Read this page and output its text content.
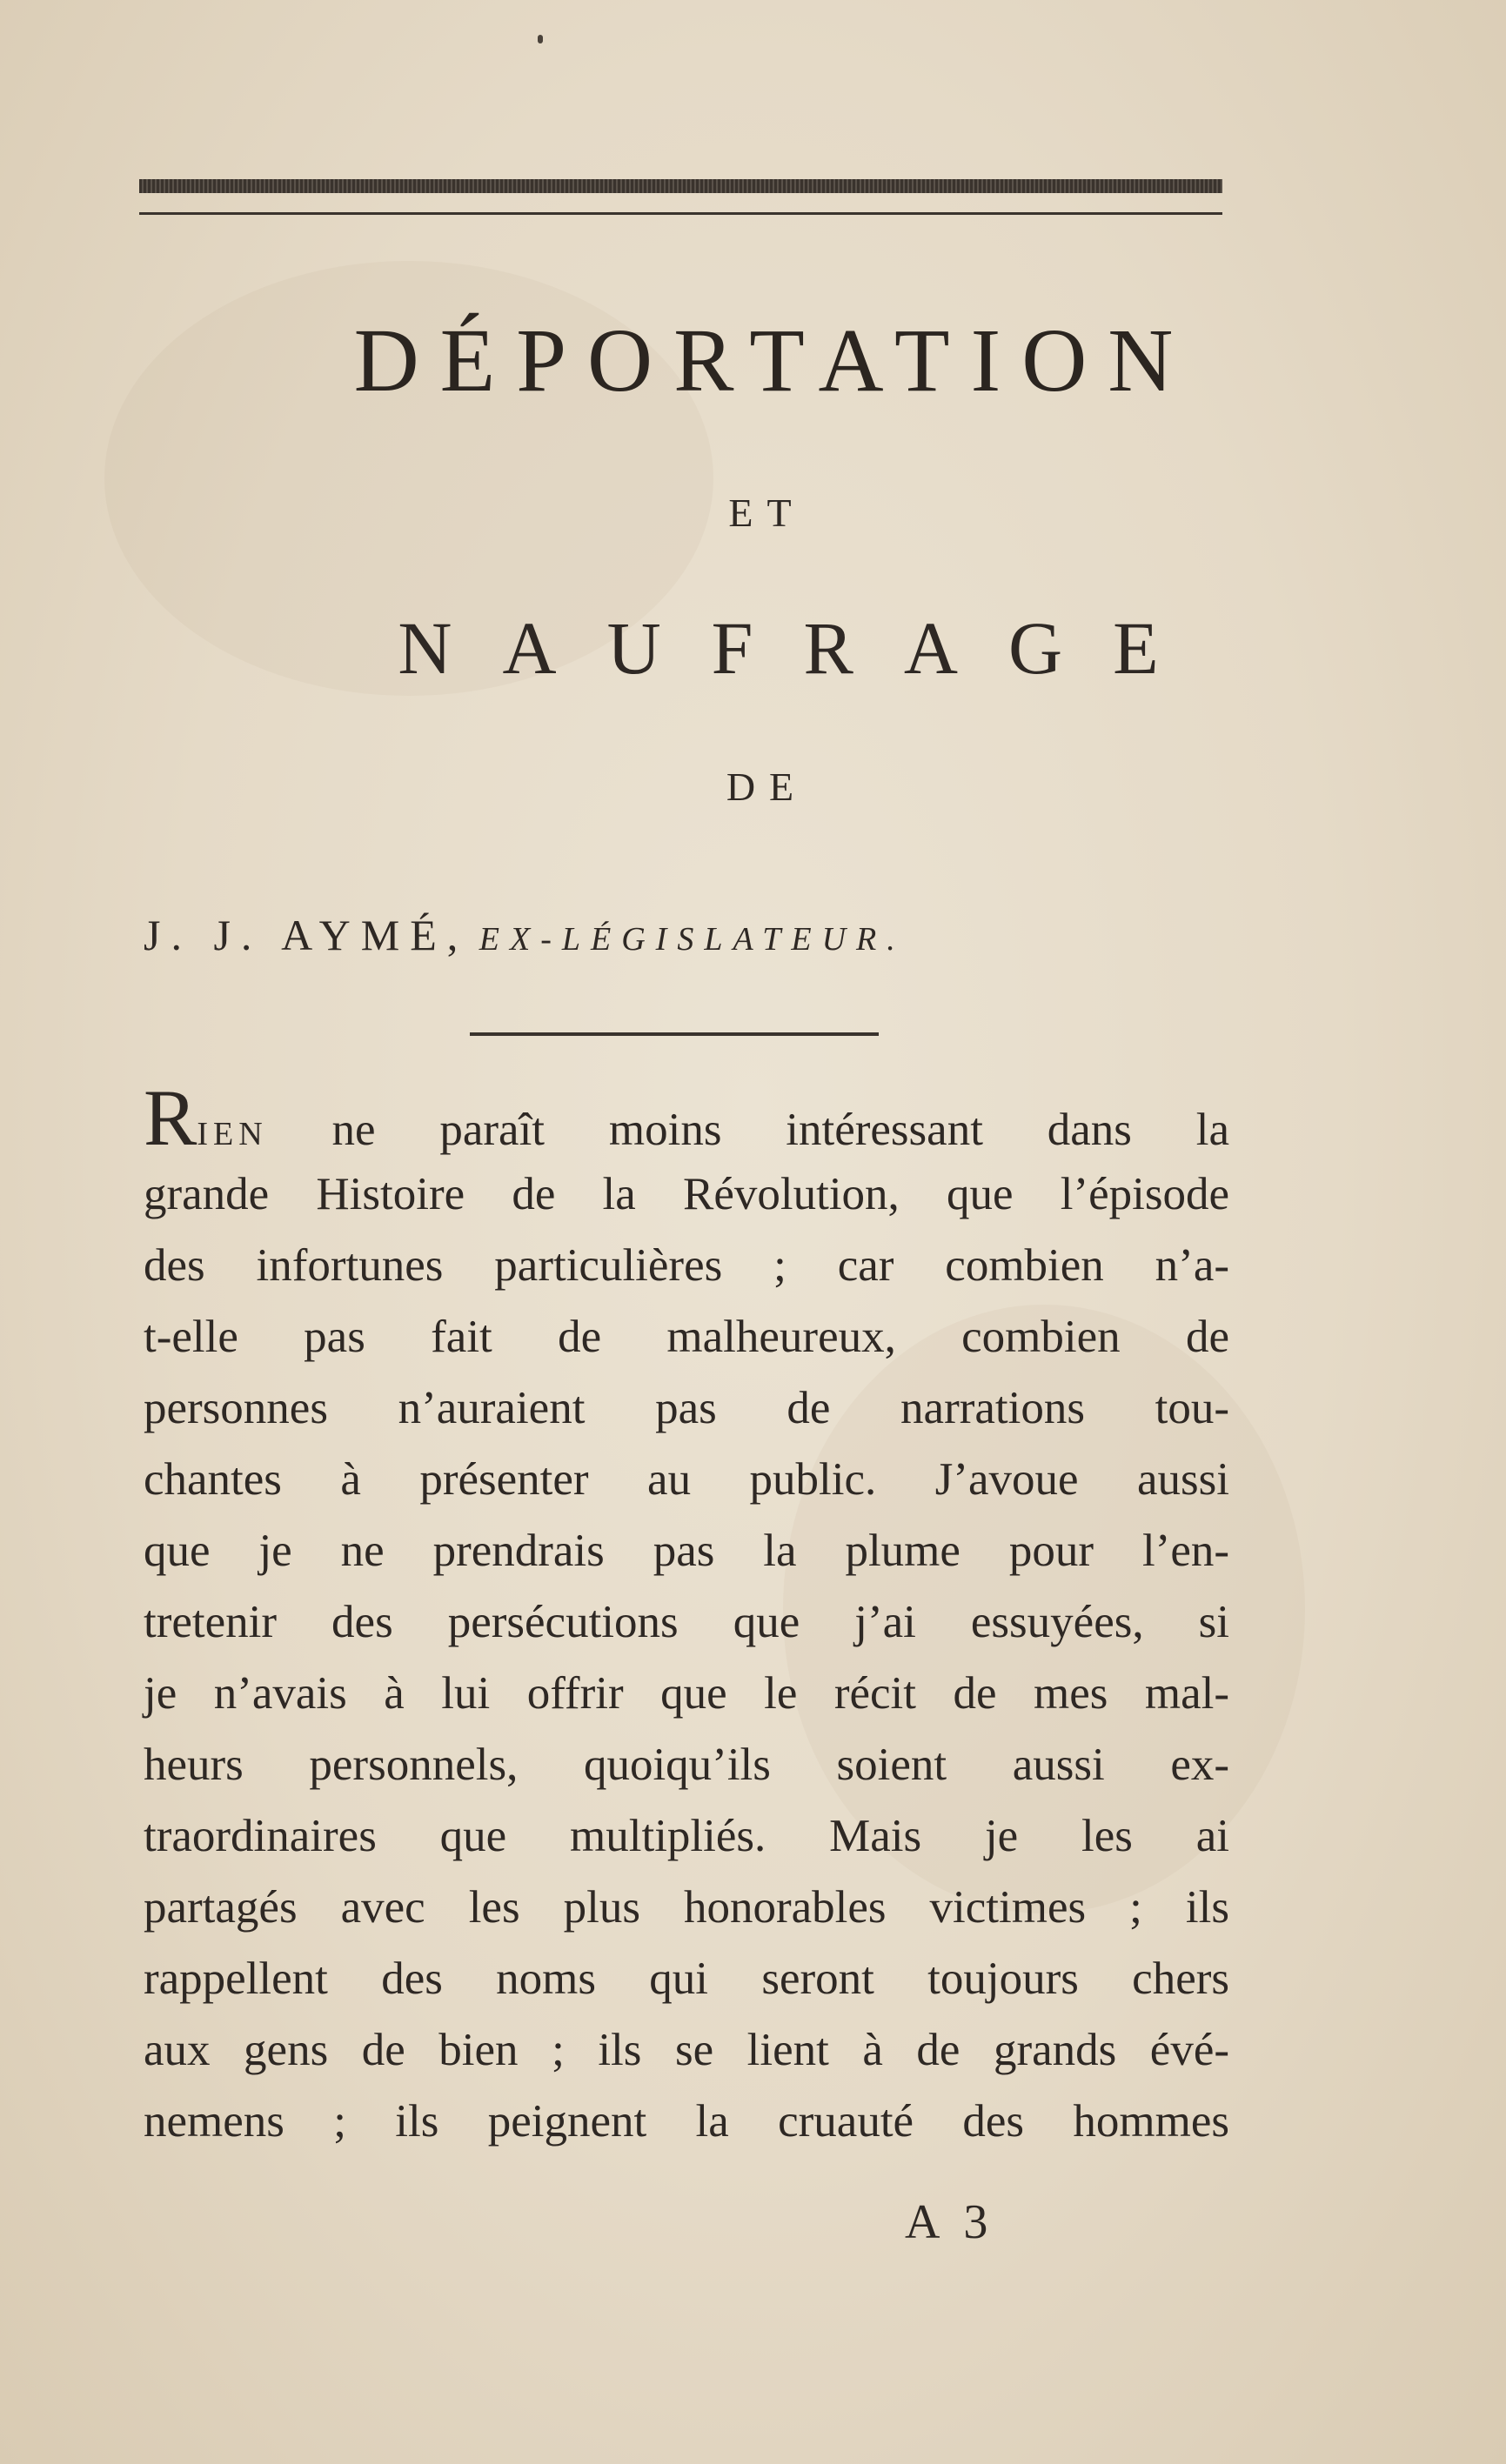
DÉPORTATION
ET
NAUFRAGE
DE
J. J. AYMÉ, EX-LÉGISLATEUR.
RIEN ne paraît moins intéressant dans la
grande Histoire de la Révolution, que l’épisode
des infortunes particulières ; car combien n’a-
t-elle pas fait de malheureux, combien de
personnes n’auraient pas de narrations tou-
chantes à présenter au public. J’avoue aussi
que je ne prendrais pas la plume pour l’en-
tretenir des persécutions que j’ai essuyées, si
je n’avais à lui offrir que le récit de mes mal-
heurs personnels, quoiqu’ils soient aussi ex-
traordinaires que multipliés. Mais je les ai
partagés avec les plus honorables victimes ; ils
rappellent des noms qui seront toujours chers
aux gens de bien ; ils se lient à de grands évé-
nemens ; ils peignent la cruauté des hommes
A 3
